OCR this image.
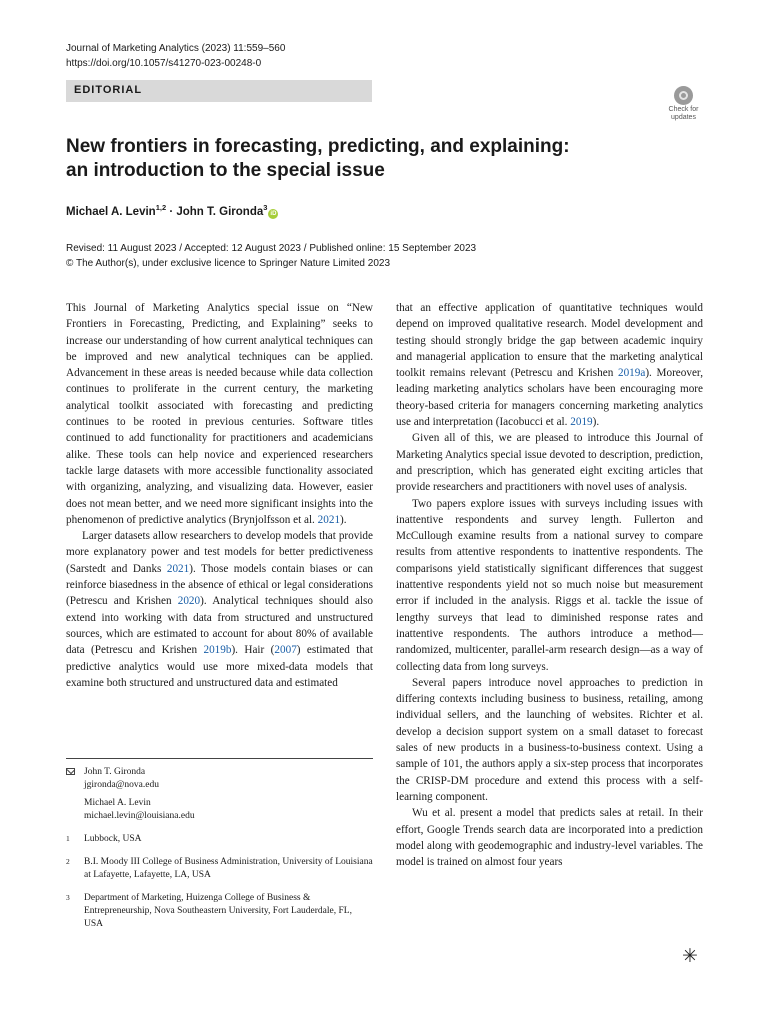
Journal of Marketing Analytics (2023) 11:559–560
https://doi.org/10.1057/s41270-023-00248-0
EDITORIAL
Check for
updates
New frontiers in forecasting, predicting, and explaining:
an introduction to the special issue
Michael A. Levin$^{1,2}$ · John T. Gironda$^3$iD
Revised: 11 August 2023 / Accepted: 12 August 2023 / Published online: 15 September 2023
© The Author(s), under exclusive licence to Springer Nature Limited 2023

This Journal of Marketing Analytics special issue on “New Frontiers in Forecasting, Predicting, and Explaining” seeks to increase our understanding of how current analytical techniques can be improved and new analytical techniques can be applied. Advancement in these areas is needed because while data collection continues to proliferate in the current century, the marketing analytical toolkit associated with forecasting and predicting continues to be rooted in previous centuries. Software titles continued to add functionality for practitioners and academicians alike. These tools can help novice and experienced researchers tackle large datasets with more accessible functionality associated with organizing, analyzing, and visualizing data. However, easier does not mean better, and we need more significant insights into the phenomenon of predictive analytics (Brynjolfsson et al. 2021).

Larger datasets allow researchers to develop models that provide more explanatory power and test models for better predictiveness (Sarstedt and Danks 2021). Those models contain biases or can reinforce biasedness in the absence of ethical or legal considerations (Petrescu and Krishen 2020). Analytical techniques should also extend into working with data from structured and unstructured sources, which are estimated to account for about 80% of available data (Petrescu and Krishen 2019b). Hair (2007) estimated that predictive analytics would use more mixed-data models that examine both structured and unstructured data and estimated

John T. Gironda
jgironda@nova.edu
Michael A. Levin
michael.levin@louisiana.edu
1	Lubbock, USA
2	B.I. Moody III College of Business Administration, University of Louisiana at Lafayette, Lafayette, LA, USA
3	Department of Marketing, Huizenga College of Business & Entrepreneurship, Nova Southeastern University, Fort Lauderdale, FL, USA

that an effective application of quantitative techniques would depend on improved qualitative research. Model development and testing should strongly bridge the gap between academic inquiry and managerial application to ensure that the marketing analytical toolkit remains relevant (Petrescu and Krishen 2019a). Moreover, leading marketing analytics scholars have been encouraging more theory-based criteria for managers concerning marketing analytics use and interpretation (Iacobucci et al. 2019).

Given all of this, we are pleased to introduce this Journal of Marketing Analytics special issue devoted to description, prediction, and prescription, which has generated eight exciting articles that provide researchers and practitioners with novel uses of analysis.

Two papers explore issues with surveys including issues with inattentive respondents and survey length. Fullerton and McCullough examine results from a national survey to compare results from attentive respondents to inattentive respondents. The comparisons yield statistically significant differences that suggest inattentive respondents yield not so much noise but measurement error if included in the analysis. Riggs et al. tackle the issue of lengthy surveys that lead to diminished response rates and inattentive respondents. The authors introduce a method—randomized, multicenter, parallel-arm research design—as a way of collecting data from long surveys.

Several papers introduce novel approaches to prediction in differing contexts including business to business, retailing, among individual sellers, and the launching of websites. Richter et al. develop a decision support system on a small dataset to forecast sales of new products in a business-to-business context. Using a sample of 101, the authors apply a six-step process that incorporates the CRISP-DM procedure and extend this process with a self-learning component.

Wu et al. present a model that predicts sales at retail. In their effort, Google Trends search data are incorporated into a prediction model along with geodemographic and industry-level variables. The model is trained on almost four years

✳
